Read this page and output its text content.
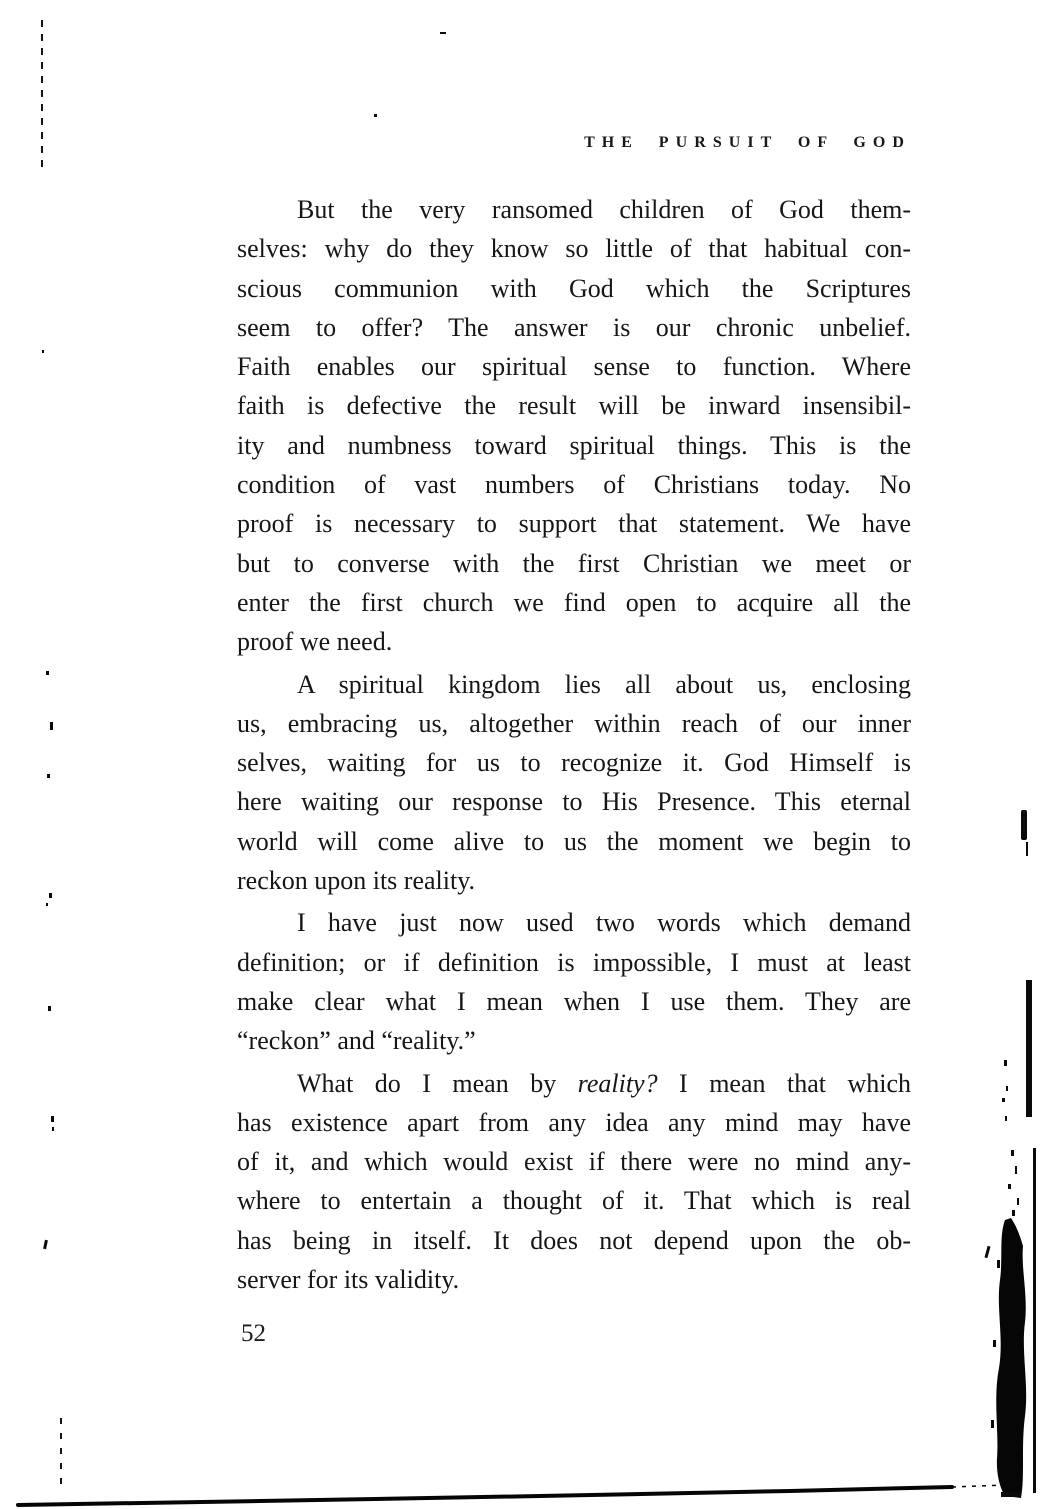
THE PURSUIT OF GOD
But the very ransomed children of God them-
selves: why do they know so little of that habitual con-
scious communion with God which the Scriptures
seem to offer? The answer is our chronic unbelief.
Faith enables our spiritual sense to function. Where
faith is defective the result will be inward insensibil-
ity and numbness toward spiritual things. This is the
condition of vast numbers of Christians today. No
proof is necessary to support that statement. We have
but to converse with the first Christian we meet or
enter the first church we find open to acquire all the
proof we need.
A spiritual kingdom lies all about us, enclosing
us, embracing us, altogether within reach of our inner
selves, waiting for us to recognize it. God Himself is
here waiting our response to His Presence. This eternal
world will come alive to us the moment we begin to
reckon upon its reality.
I have just now used two words which demand
definition; or if definition is impossible, I must at least
make clear what I mean when I use them. They are
“reckon” and “reality.”
What do I mean by reality? I mean that which
has existence apart from any idea any mind may have
of it, and which would exist if there were no mind any-
where to entertain a thought of it. That which is real
has being in itself. It does not depend upon the ob-
server for its validity.
52
